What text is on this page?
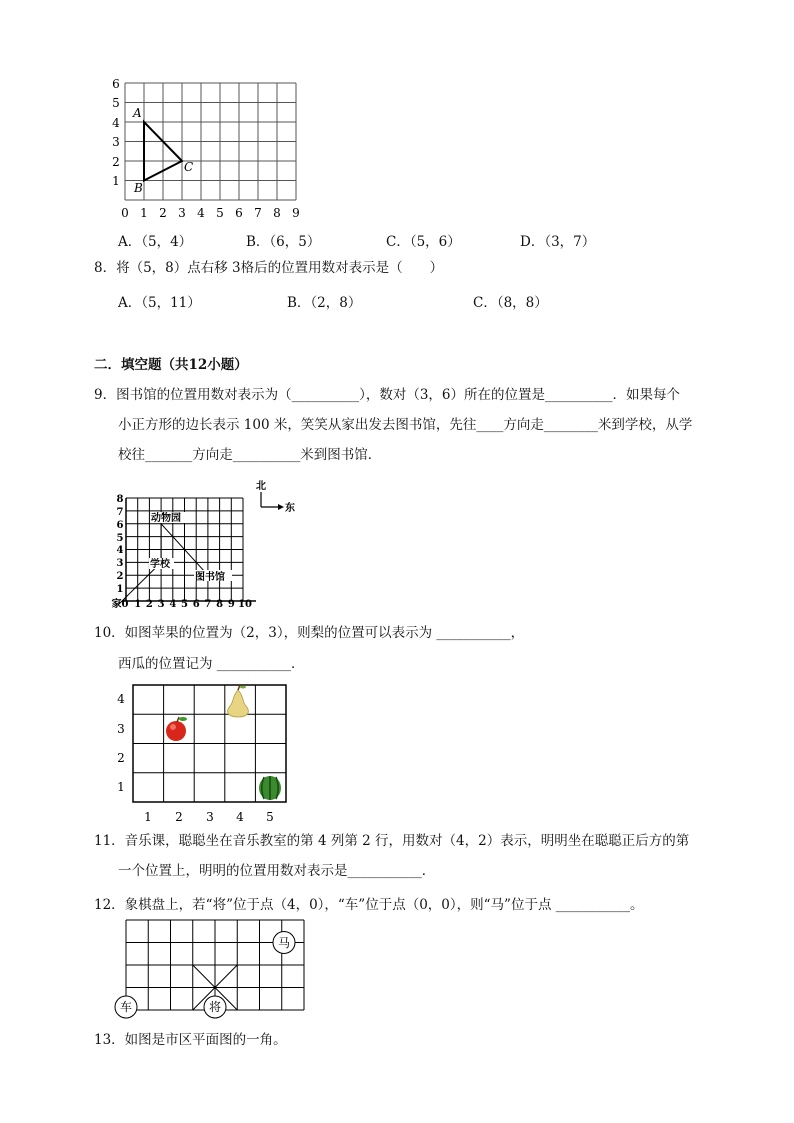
6
5
4
3
2
1
0 1 2 3 4 5 6 7 8 9
A
B
C
A．（5，4）	B．（6，5）	C．（5，6）	D．（3，7）
8．将（5，8）点右移 3格后的位置用数对表示是（　　）
A．（5，11）	B．（2，8）	C．（8，8）
二．填空题（共12小题）
9．图书馆的位置用数对表示为（__________），数对（3，6）所在的位置是__________．如果每个
小正方形的边长表示 100 米，笑笑从家出发去图书馆，先往____方向走________米到学校，从学
校往_______方向走__________米到图书馆．
8
7
6
5
4
3
2
1
1 2 3 4 5 6 7 8 9 10
家0
动物园
学校
图书馆
北
东
10．如图苹果的位置为（2，3），则梨的位置可以表示为 ___________，
西瓜的位置记为 ___________．
4
3
2
1
1 2 3 4 5
11．音乐课，聪聪坐在音乐教室的第 4 列第 2 行，用数对（4，2）表示，明明坐在聪聪正后方的第
一个位置上，明明的位置用数对表示是___________．
12．象棋盘上，若“将”位于点（4，0），“车”位于点（0，0），则“马”位于点 ___________。
马
车	将
13．如图是市区平面图的一角。
